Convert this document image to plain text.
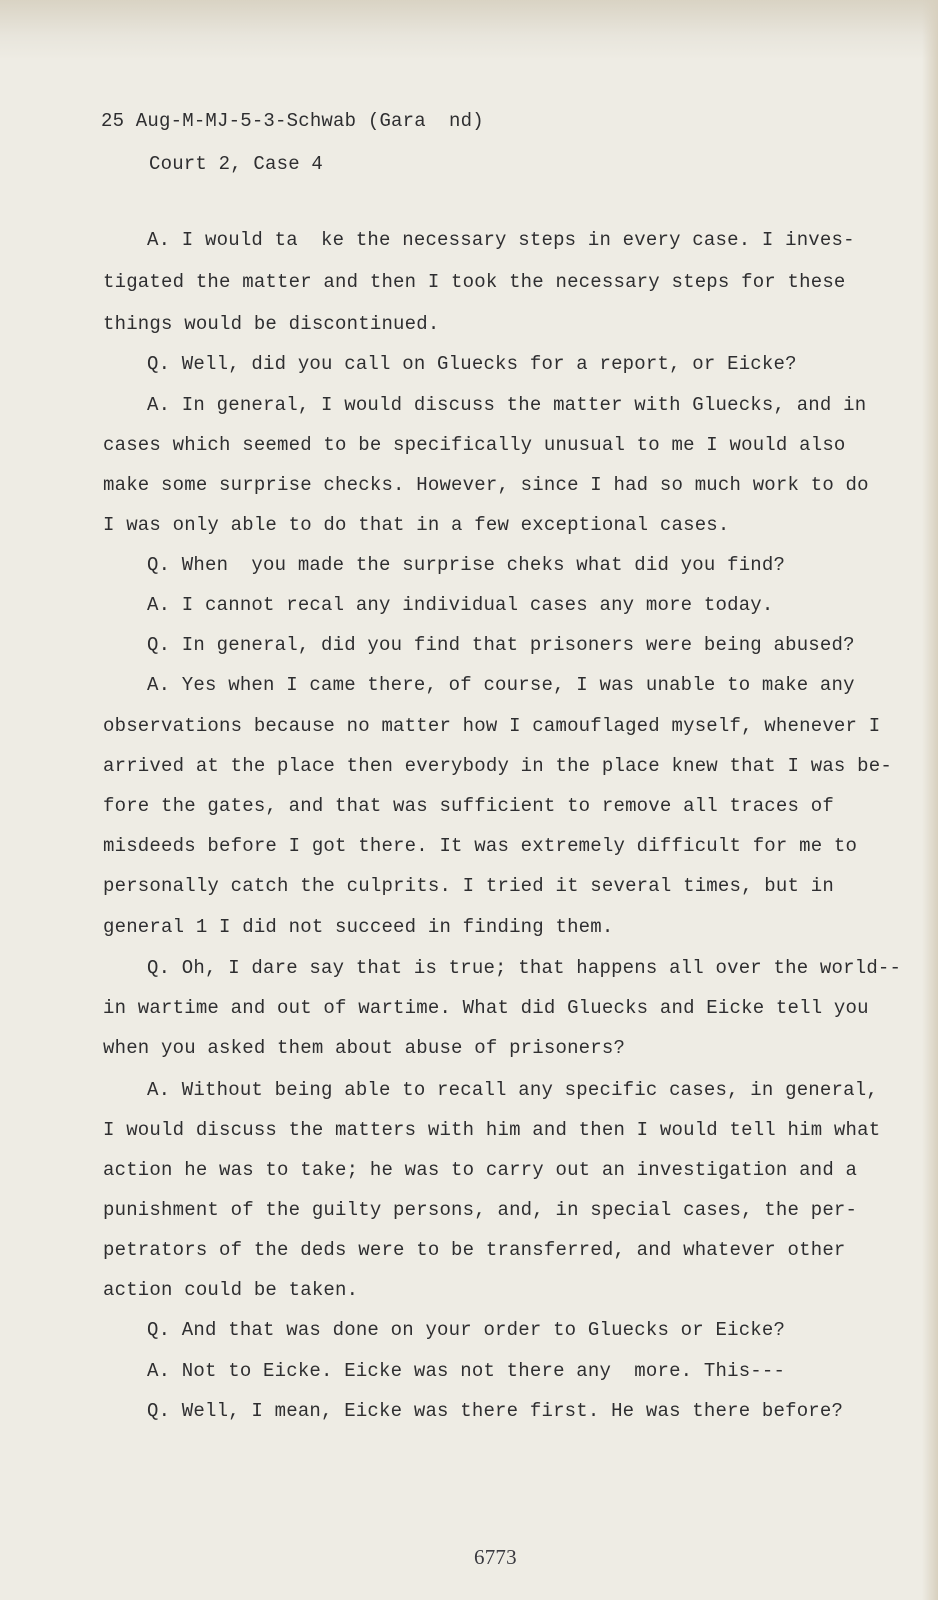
25 Aug-M-MJ-5-3-Schwab (Gara  nd)
Court 2, Case 4
A. I would ta  ke the necessary steps in every case. I inves-
tigated the matter and then I took the necessary steps for these
things would be discontinued.
Q. Well, did you call on Gluecks for a report, or Eicke?
A. In general, I would discuss the matter with Gluecks, and in
cases which seemed to be specifically unusual to me I would also
make some surprise checks. However, since I had so much work to do
I was only able to do that in a few exceptional cases.
Q. When  you made the surprise cheks what did you find?
A. I cannot recal any individual cases any more today.
Q. In general, did you find that prisoners were being abused?
A. Yes when I came there, of course, I was unable to make any
observations because no matter how I camouflaged myself, whenever I
arrived at the place then everybody in the place knew that I was be-
fore the gates, and that was sufficient to remove all traces of
misdeeds before I got there. It was extremely difficult for me to
personally catch the culprits. I tried it several times, but in
general 1 I did not succeed in finding them.
Q. Oh, I dare say that is true; that happens all over the world--
in wartime and out of wartime. What did Gluecks and Eicke tell you
when you asked them about abuse of prisoners?
A. Without being able to recall any specific cases, in general,
I would discuss the matters with him and then I would tell him what
action he was to take; he was to carry out an investigation and a
punishment of the guilty persons, and, in special cases, the per-
petrators of the deds were to be transferred, and whatever other
action could be taken.
Q. And that was done on your order to Gluecks or Eicke?
A. Not to Eicke. Eicke was not there any  more. This---
Q. Well, I mean, Eicke was there first. He was there before?
6773
